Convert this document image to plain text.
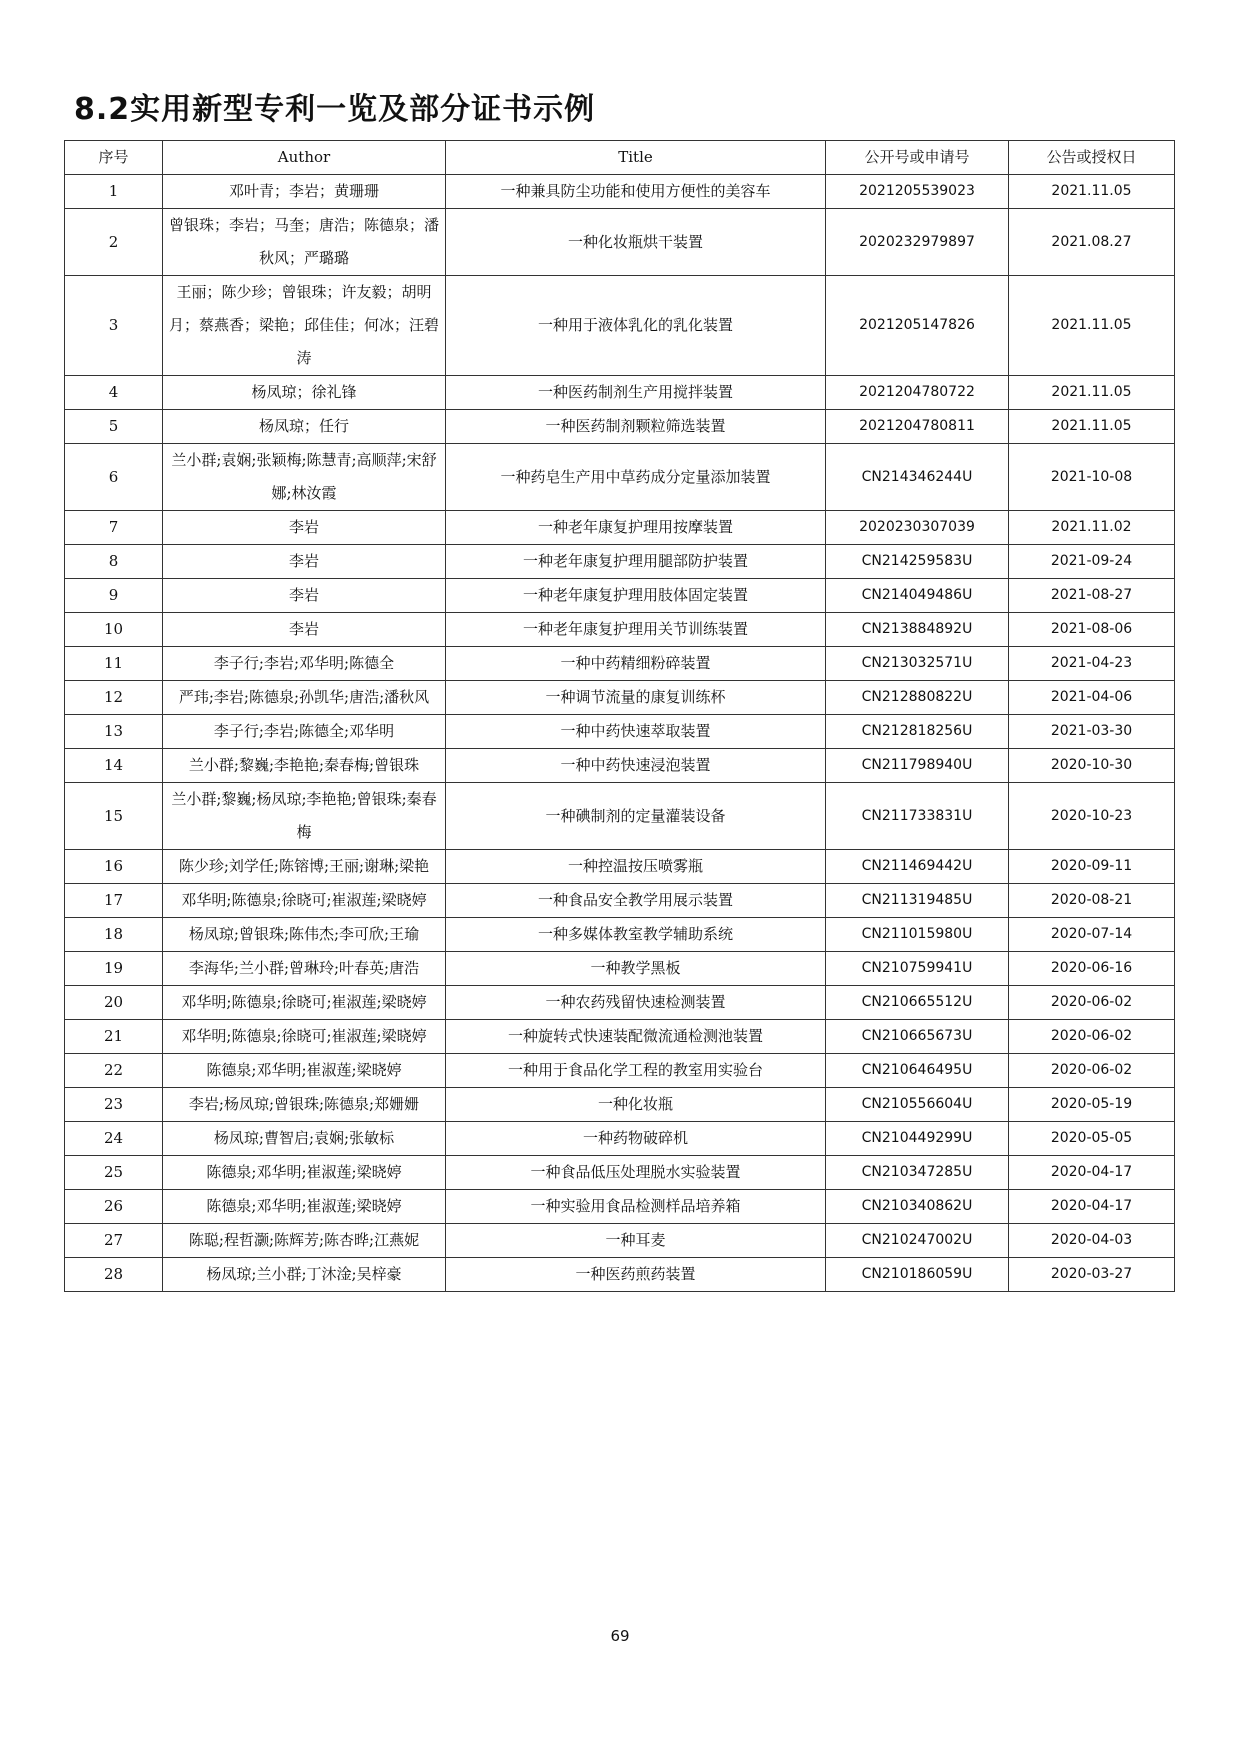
8.2实用新型专利一览及部分证书示例
序号	Author	Title	公开号或申请号	公告或授权日
1	邓叶青；李岩；黄珊珊	一种兼具防尘功能和使用方便性的美容车	2021205539023	2021.11.05
2	曾银珠；李岩；马奎；唐浩；陈德泉；潘秋风；严璐璐	一种化妆瓶烘干装置	2020232979897	2021.08.27
3	王丽；陈少珍；曾银珠；许友毅；胡明月；蔡燕香；梁艳；邱佳佳；何冰；汪碧涛	一种用于液体乳化的乳化装置	2021205147826	2021.11.05
4	杨凤琼；徐礼锋	一种医药制剂生产用搅拌装置	2021204780722	2021.11.05
5	杨凤琼；任行	一种医药制剂颗粒筛选装置	2021204780811	2021.11.05
6	兰小群;袁娴;张颖梅;陈慧青;高顺萍;宋舒娜;林汝霞	一种药皂生产用中草药成分定量添加装置	CN214346244U	2021-10-08
7	李岩	一种老年康复护理用按摩装置	2020230307039	2021.11.02
8	李岩	一种老年康复护理用腿部防护装置	CN214259583U	2021-09-24
9	李岩	一种老年康复护理用肢体固定装置	CN214049486U	2021-08-27
10	李岩	一种老年康复护理用关节训练装置	CN213884892U	2021-08-06
11	李子行;李岩;邓华明;陈德全	一种中药精细粉碎装置	CN213032571U	2021-04-23
12	严玮;李岩;陈德泉;孙凯华;唐浩;潘秋风	一种调节流量的康复训练杯	CN212880822U	2021-04-06
13	李子行;李岩;陈德全;邓华明	一种中药快速萃取装置	CN212818256U	2021-03-30
14	兰小群;黎巍;李艳艳;秦春梅;曾银珠	一种中药快速浸泡装置	CN211798940U	2020-10-30
15	兰小群;黎巍;杨凤琼;李艳艳;曾银珠;秦春梅	一种碘制剂的定量灌装设备	CN211733831U	2020-10-23
16	陈少珍;刘学任;陈镕博;王丽;谢琳;梁艳	一种控温按压喷雾瓶	CN211469442U	2020-09-11
17	邓华明;陈德泉;徐晓可;崔淑莲;梁晓婷	一种食品安全教学用展示装置	CN211319485U	2020-08-21
18	杨凤琼;曾银珠;陈伟杰;李可欣;王瑜	一种多媒体教室教学辅助系统	CN211015980U	2020-07-14
19	李海华;兰小群;曾琳玲;叶春英;唐浩	一种教学黑板	CN210759941U	2020-06-16
20	邓华明;陈德泉;徐晓可;崔淑莲;梁晓婷	一种农药残留快速检测装置	CN210665512U	2020-06-02
21	邓华明;陈德泉;徐晓可;崔淑莲;梁晓婷	一种旋转式快速装配微流通检测池装置	CN210665673U	2020-06-02
22	陈德泉;邓华明;崔淑莲;梁晓婷	一种用于食品化学工程的教室用实验台	CN210646495U	2020-06-02
23	李岩;杨凤琼;曾银珠;陈德泉;郑姗姗	一种化妆瓶	CN210556604U	2020-05-19
24	杨凤琼;曹智启;袁娴;张敏标	一种药物破碎机	CN210449299U	2020-05-05
25	陈德泉;邓华明;崔淑莲;梁晓婷	一种食品低压处理脱水实验装置	CN210347285U	2020-04-17
26	陈德泉;邓华明;崔淑莲;梁晓婷	一种实验用食品检测样品培养箱	CN210340862U	2020-04-17
27	陈聪;程哲灏;陈辉芳;陈杏晔;江燕妮	一种耳麦	CN210247002U	2020-04-03
28	杨凤琼;兰小群;丁沐淦;吴梓豪	一种医药煎药装置	CN210186059U	2020-03-27
69
